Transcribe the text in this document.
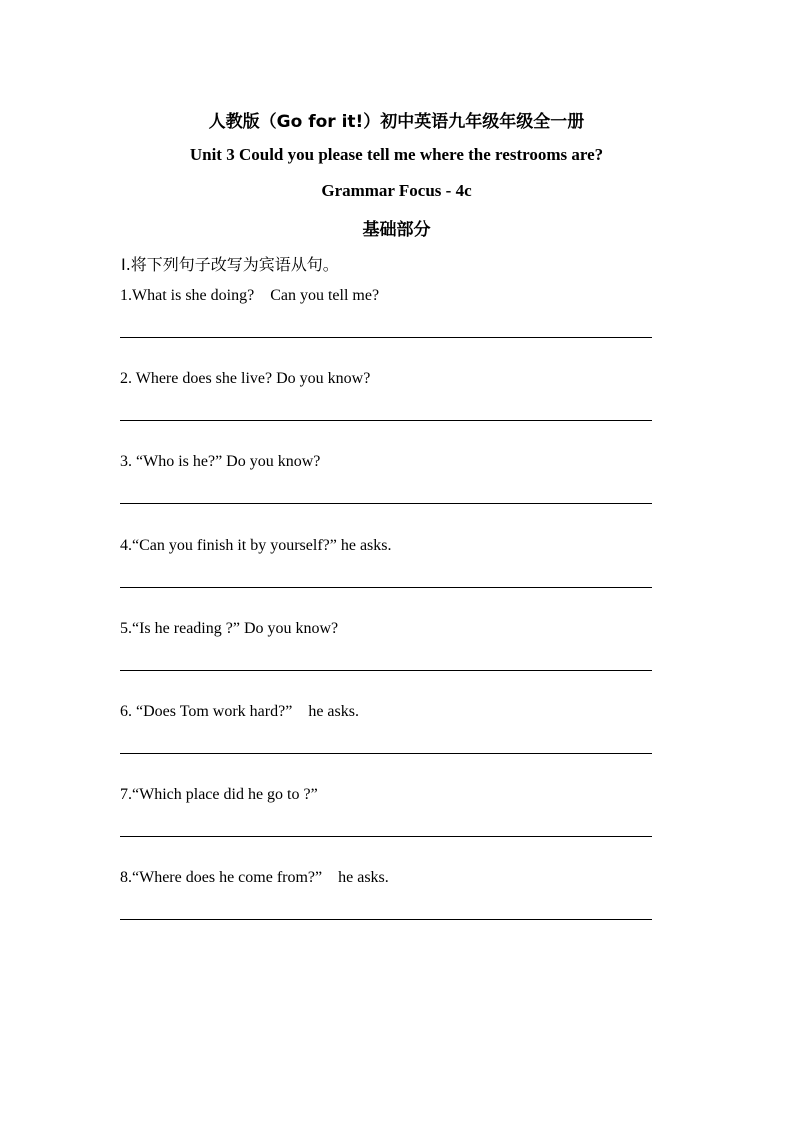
人教版（Go for it!）初中英语九年级年级全一册
Unit 3 Could you please tell me where the restrooms are?
Grammar Focus - 4c
基础部分
Ⅰ.将下列句子改写为宾语从句。
1.What is she doing?    Can you tell me?
2. Where does she live? Do you know?
3. “Who is he?” Do you know?
4.“Can you finish it by yourself?” he asks.
5.“Is he reading ?” Do you know?
6. “Does Tom work hard?”    he asks.
7.“Which place did he go to ?”
8.“Where does he come from?”    he asks.
